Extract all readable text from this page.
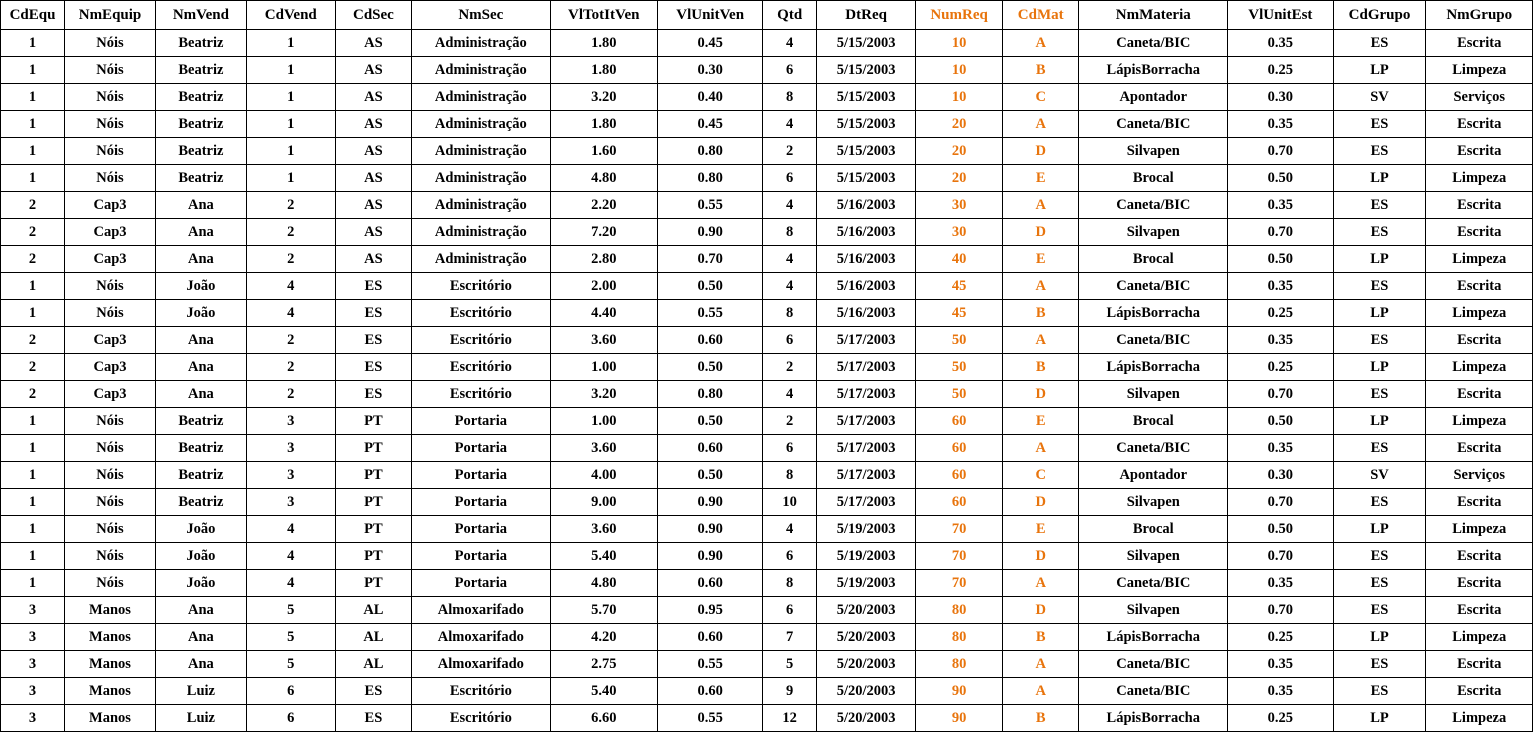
CdEqu	NmEquip	NmVend	CdVend	CdSec	NmSec	VlTotItVen	VlUnitVen	Qtd	DtReq	NumReq	CdMat	NmMateria	VlUnitEst	CdGrupo	NmGrupo
1	Nóis	Beatriz	1	AS	Administração	1.80	0.45	4	5/15/2003	10	A	Caneta/BIC	0.35	ES	Escrita
1	Nóis	Beatriz	1	AS	Administração	1.80	0.30	6	5/15/2003	10	B	LápisBorracha	0.25	LP	Limpeza
1	Nóis	Beatriz	1	AS	Administração	3.20	0.40	8	5/15/2003	10	C	Apontador	0.30	SV	Serviços
1	Nóis	Beatriz	1	AS	Administração	1.80	0.45	4	5/15/2003	20	A	Caneta/BIC	0.35	ES	Escrita
1	Nóis	Beatriz	1	AS	Administração	1.60	0.80	2	5/15/2003	20	D	Silvapen	0.70	ES	Escrita
1	Nóis	Beatriz	1	AS	Administração	4.80	0.80	6	5/15/2003	20	E	Brocal	0.50	LP	Limpeza
2	Cap3	Ana	2	AS	Administração	2.20	0.55	4	5/16/2003	30	A	Caneta/BIC	0.35	ES	Escrita
2	Cap3	Ana	2	AS	Administração	7.20	0.90	8	5/16/2003	30	D	Silvapen	0.70	ES	Escrita
2	Cap3	Ana	2	AS	Administração	2.80	0.70	4	5/16/2003	40	E	Brocal	0.50	LP	Limpeza
1	Nóis	João	4	ES	Escritório	2.00	0.50	4	5/16/2003	45	A	Caneta/BIC	0.35	ES	Escrita
1	Nóis	João	4	ES	Escritório	4.40	0.55	8	5/16/2003	45	B	LápisBorracha	0.25	LP	Limpeza
2	Cap3	Ana	2	ES	Escritório	3.60	0.60	6	5/17/2003	50	A	Caneta/BIC	0.35	ES	Escrita
2	Cap3	Ana	2	ES	Escritório	1.00	0.50	2	5/17/2003	50	B	LápisBorracha	0.25	LP	Limpeza
2	Cap3	Ana	2	ES	Escritório	3.20	0.80	4	5/17/2003	50	D	Silvapen	0.70	ES	Escrita
1	Nóis	Beatriz	3	PT	Portaria	1.00	0.50	2	5/17/2003	60	E	Brocal	0.50	LP	Limpeza
1	Nóis	Beatriz	3	PT	Portaria	3.60	0.60	6	5/17/2003	60	A	Caneta/BIC	0.35	ES	Escrita
1	Nóis	Beatriz	3	PT	Portaria	4.00	0.50	8	5/17/2003	60	C	Apontador	0.30	SV	Serviços
1	Nóis	Beatriz	3	PT	Portaria	9.00	0.90	10	5/17/2003	60	D	Silvapen	0.70	ES	Escrita
1	Nóis	João	4	PT	Portaria	3.60	0.90	4	5/19/2003	70	E	Brocal	0.50	LP	Limpeza
1	Nóis	João	4	PT	Portaria	5.40	0.90	6	5/19/2003	70	D	Silvapen	0.70	ES	Escrita
1	Nóis	João	4	PT	Portaria	4.80	0.60	8	5/19/2003	70	A	Caneta/BIC	0.35	ES	Escrita
3	Manos	Ana	5	AL	Almoxarifado	5.70	0.95	6	5/20/2003	80	D	Silvapen	0.70	ES	Escrita
3	Manos	Ana	5	AL	Almoxarifado	4.20	0.60	7	5/20/2003	80	B	LápisBorracha	0.25	LP	Limpeza
3	Manos	Ana	5	AL	Almoxarifado	2.75	0.55	5	5/20/2003	80	A	Caneta/BIC	0.35	ES	Escrita
3	Manos	Luiz	6	ES	Escritório	5.40	0.60	9	5/20/2003	90	A	Caneta/BIC	0.35	ES	Escrita
3	Manos	Luiz	6	ES	Escritório	6.60	0.55	12	5/20/2003	90	B	LápisBorracha	0.25	LP	Limpeza
